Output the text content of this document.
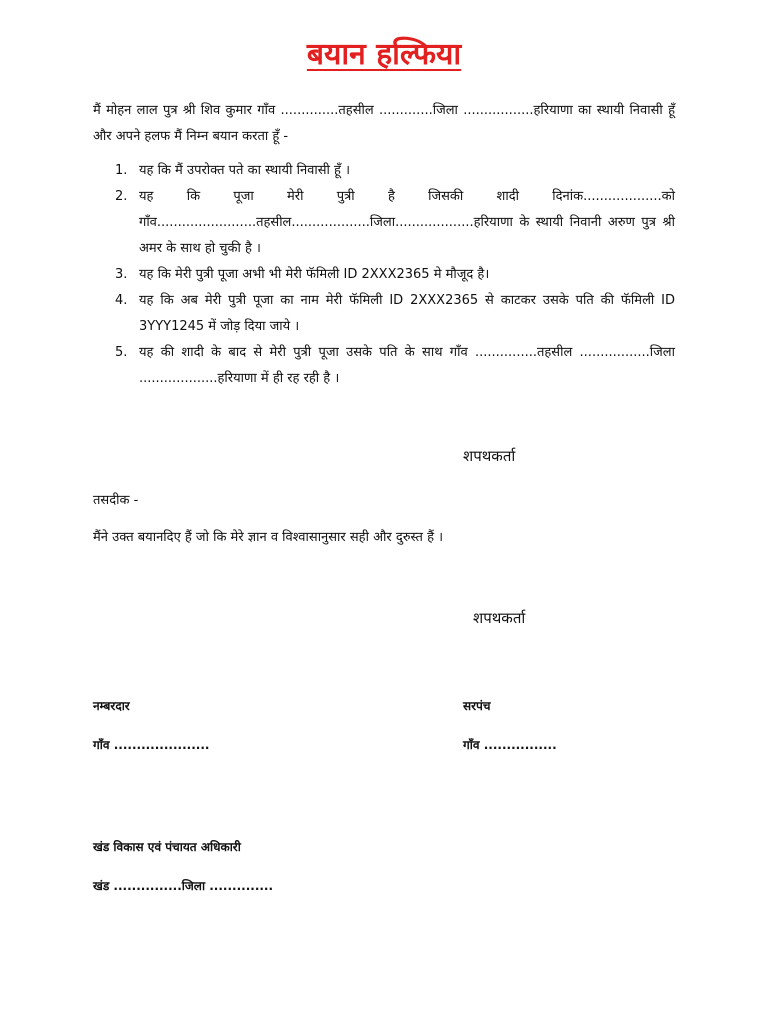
बयान हल्फिया
मैं मोहन लाल पुत्र श्री शिव कुमार गाँव ..............तहसील .............जिला .................हरियाणा का स्थायी निवासी हूँ और अपने हलफ मैं निम्न बयान करता हूँ -
1. यह कि मैं उपरोक्त पते का स्थायी निवासी हूँ ।
2. यह कि पूजा मेरी पुत्री है जिसकी शादी दिनांक...................को गाँव........................तहसील...................जिला...................हरियाणा के स्थायी निवानी अरुण पुत्र श्री अमर के साथ हो चुकी है ।
3. यह कि मेरी पुत्री पूजा अभी भी मेरी फॅमिली ID 2XXX2365 मे मौजूद है।
4. यह कि अब मेरी पुत्री पूजा का नाम मेरी फॅमिली ID 2XXX2365 से काटकर उसके पति की फॅमिली ID 3YYY1245 में जोड़ दिया जाये ।
5. यह की शादी के बाद से मेरी पुत्री पूजा उसके पति के साथ गाँव ...............तहसील .................जिला ...................हरियाणा में ही रह रही है ।
शपथकर्ता
तसदीक -
मैंने उक्त बयानदिए हैं जो कि मेरे ज्ञान व विश्वासानुसार सही और दुरुस्त हैं ।
शपथकर्ता
नम्बरदार
गाँव .....................
सरपंच
गाँव ................
खंड विकास एवं पंचायत अधिकारी
खंड ...............जिला ..............
